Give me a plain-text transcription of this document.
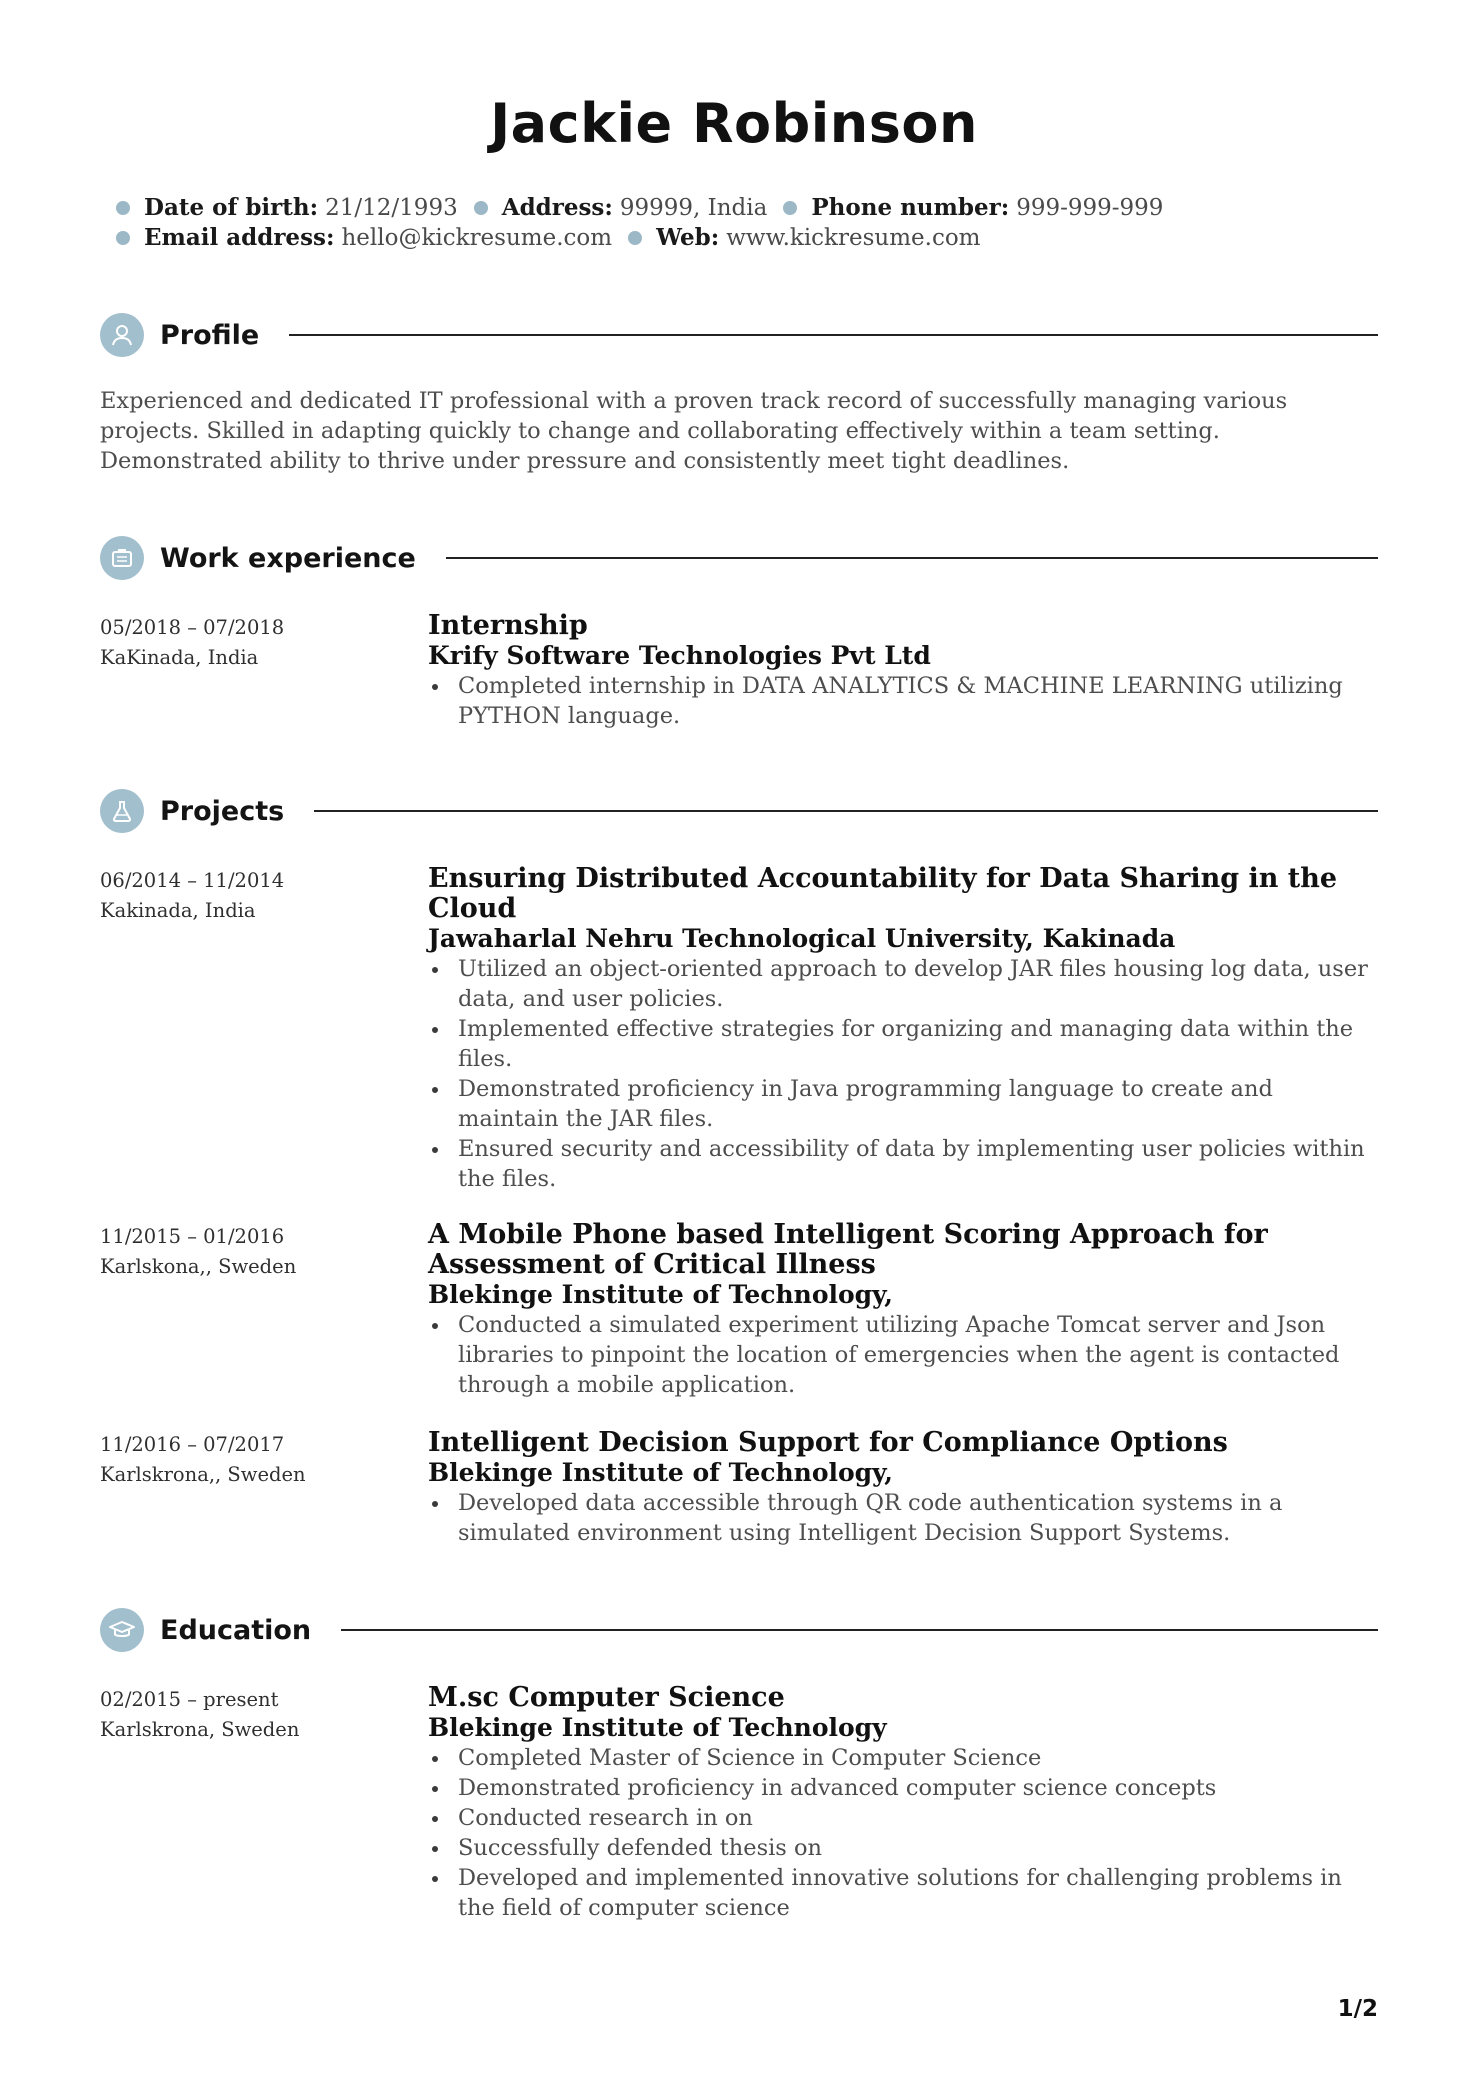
Jackie Robinson
Date of birth: 21/12/1993 Address: 99999, India Phone number: 999-999-999
Email address: hello@kickresume.com Web: www.kickresume.com
Profile
Experienced and dedicated IT professional with a proven track record of successfully managing various projects. Skilled in adapting quickly to change and collaborating effectively within a team setting. Demonstrated ability to thrive under pressure and consistently meet tight deadlines.
Work experience
05/2018 – 07/2018
KaKinada, India
Internship
Krify Software Technologies Pvt Ltd
Completed internship in DATA ANALYTICS & MACHINE LEARNING utilizing PYTHON language.
Projects
06/2014 – 11/2014
Kakinada, India
Ensuring Distributed Accountability for Data Sharing in the Cloud
Jawaharlal Nehru Technological University, Kakinada
Utilized an object-oriented approach to develop JAR files housing log data, user data, and user policies.
Implemented effective strategies for organizing and managing data within the files.
Demonstrated proficiency in Java programming language to create and maintain the JAR files.
Ensured security and accessibility of data by implementing user policies within the files.
11/2015 – 01/2016
Karlskona,, Sweden
A Mobile Phone based Intelligent Scoring Approach for Assessment of Critical Illness
Blekinge Institute of Technology,
Conducted a simulated experiment utilizing Apache Tomcat server and Json libraries to pinpoint the location of emergencies when the agent is contacted through a mobile application.
11/2016 – 07/2017
Karlskrona,, Sweden
Intelligent Decision Support for Compliance Options
Blekinge Institute of Technology,
Developed data accessible through QR code authentication systems in a simulated environment using Intelligent Decision Support Systems.
Education
02/2015 – present
Karlskrona, Sweden
M.sc Computer Science
Blekinge Institute of Technology
Completed Master of Science in Computer Science
Demonstrated proficiency in advanced computer science concepts
Conducted research in on
Successfully defended thesis on
Developed and implemented innovative solutions for challenging problems in the field of computer science
1/2
